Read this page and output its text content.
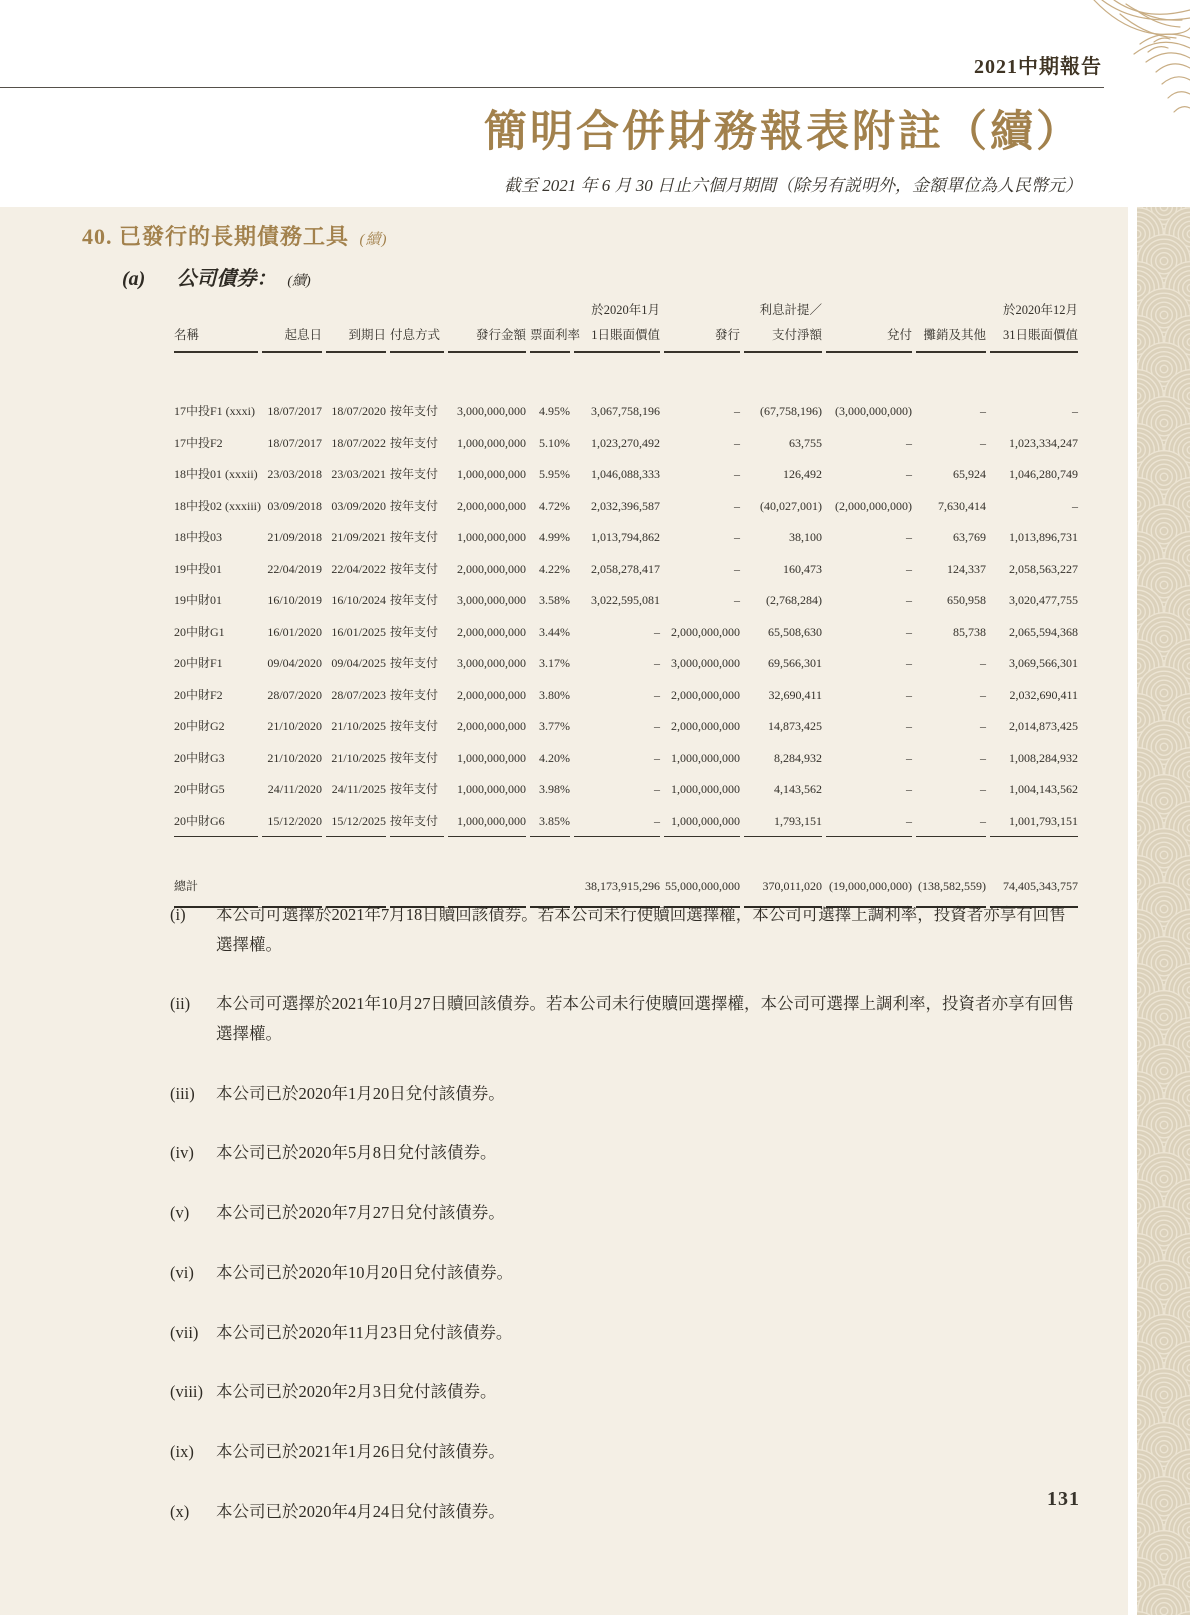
2021中期報告
簡明合併財務報表附註（續）
截至 2021 年 6 月 30 日止六個月期間（除另有説明外，金額單位為人民幣元）
40. 已發行的長期債務工具 (續)
(a) 公司債券： (續)
						於2020年1月		利息計提／			於2020年12月
名稱	起息日	到期日	付息方式	發行金額	票面利率	1日賬面價值	發行	支付淨額	兌付	攤銷及其他	31日賬面價值

17中投F1 (xxxi)	18/07/2017	18/07/2020	按年支付	3,000,000,000	4.95%	3,067,758,196	–	(67,758,196)	(3,000,000,000)	–	–
17中投F2	18/07/2017	18/07/2022	按年支付	1,000,000,000	5.10%	1,023,270,492	–	63,755	–	–	1,023,334,247
18中投01 (xxxii)	23/03/2018	23/03/2021	按年支付	1,000,000,000	5.95%	1,046,088,333	–	126,492	–	65,924	1,046,280,749
18中投02 (xxxiii)	03/09/2018	03/09/2020	按年支付	2,000,000,000	4.72%	2,032,396,587	–	(40,027,001)	(2,000,000,000)	7,630,414	–
18中投03	21/09/2018	21/09/2021	按年支付	1,000,000,000	4.99%	1,013,794,862	–	38,100	–	63,769	1,013,896,731
19中投01	22/04/2019	22/04/2022	按年支付	2,000,000,000	4.22%	2,058,278,417	–	160,473	–	124,337	2,058,563,227
19中財01	16/10/2019	16/10/2024	按年支付	3,000,000,000	3.58%	3,022,595,081	–	(2,768,284)	–	650,958	3,020,477,755
20中財G1	16/01/2020	16/01/2025	按年支付	2,000,000,000	3.44%	–	2,000,000,000	65,508,630	–	85,738	2,065,594,368
20中財F1	09/04/2020	09/04/2025	按年支付	3,000,000,000	3.17%	–	3,000,000,000	69,566,301	–	–	3,069,566,301
20中財F2	28/07/2020	28/07/2023	按年支付	2,000,000,000	3.80%	–	2,000,000,000	32,690,411	–	–	2,032,690,411
20中財G2	21/10/2020	21/10/2025	按年支付	2,000,000,000	3.77%	–	2,000,000,000	14,873,425	–	–	2,014,873,425
20中財G3	21/10/2020	21/10/2025	按年支付	1,000,000,000	4.20%	–	1,000,000,000	8,284,932	–	–	1,008,284,932
20中財G5	24/11/2020	24/11/2025	按年支付	1,000,000,000	3.98%	–	1,000,000,000	4,143,562	–	–	1,004,143,562
20中財G6	15/12/2020	15/12/2025	按年支付	1,000,000,000	3.85%	–	1,000,000,000	1,793,151	–	–	1,001,793,151

總計						38,173,915,296	55,000,000,000	370,011,020	(19,000,000,000)	(138,582,559)	74,405,343,757
(i)	本公司可選擇於2021年7月18日贖回該債券。若本公司未行使贖回選擇權，本公司可選擇上調利率，投資者亦享有回售選擇權。
(ii)	本公司可選擇於2021年10月27日贖回該債券。若本公司未行使贖回選擇權，本公司可選擇上調利率，投資者亦享有回售選擇權。
(iii)	本公司已於2020年1月20日兌付該債券。
(iv)	本公司已於2020年5月8日兌付該債券。
(v)	本公司已於2020年7月27日兌付該債券。
(vi)	本公司已於2020年10月20日兌付該債券。
(vii)	本公司已於2020年11月23日兌付該債券。
(viii) 本公司已於2020年2月3日兌付該債券。
(ix)	本公司已於2021年1月26日兌付該債券。
(x)	本公司已於2020年4月24日兌付該債券。
131
